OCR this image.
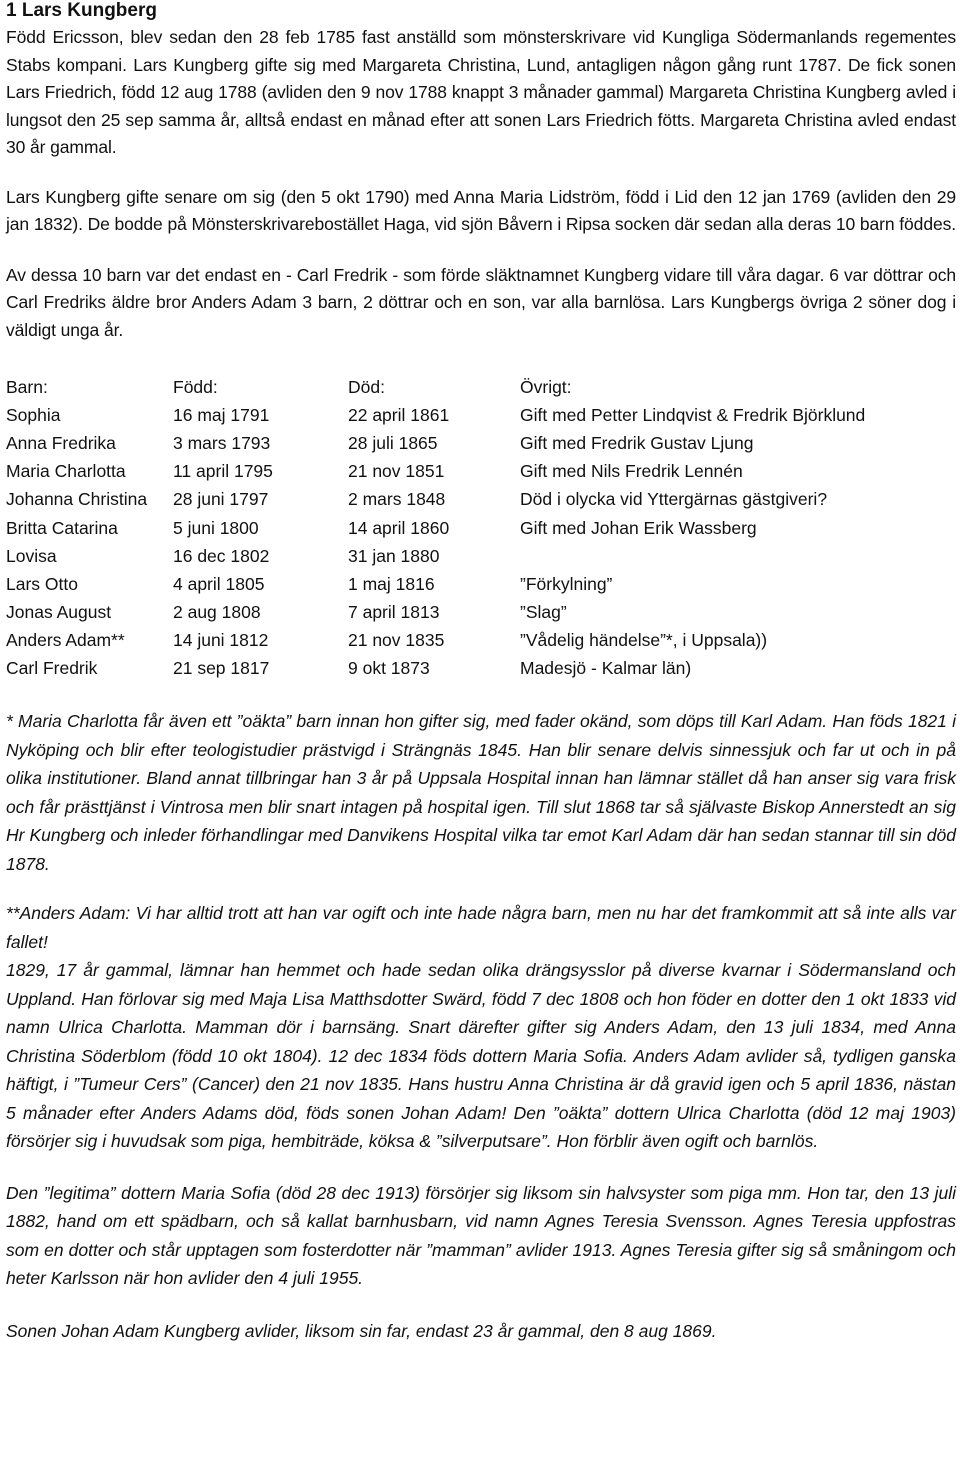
1 Lars Kungberg

Född Ericsson, blev sedan den 28 feb 1785 fast anställd som mönsterskrivare vid Kungliga Södermanlands regementes Stabs kompani. Lars Kungberg gifte sig med Margareta Christina, Lund, antagligen någon gång runt 1787. De fick sonen Lars Friedrich, född 12 aug 1788 (avliden den 9 nov 1788 knappt 3 månader gammal) Margareta Christina Kungberg avled i lungsot den 25 sep samma år, alltså endast en månad efter att sonen Lars Friedrich fötts. Margareta Christina avled endast 30 år gammal.

Lars Kungberg gifte senare om sig (den 5 okt 1790) med Anna Maria Lidström, född i Lid den 12 jan 1769 (avliden den 29 jan 1832). De bodde på Mönsterskrivarebostället Haga, vid sjön Båvern i Ripsa socken där sedan alla deras 10 barn föddes.

Av dessa 10 barn var det endast en - Carl Fredrik - som förde släktnamnet Kungberg vidare till våra dagar. 6 var döttrar och Carl Fredriks äldre bror Anders Adam 3 barn, 2 döttrar och en son, var alla barnlösa. Lars Kungbergs övriga 2 söner dog i väldigt unga år.

Barn:	Född:	Död:	Övrigt:
Sophia	16 maj 1791	22 april 1861	Gift med Petter Lindqvist & Fredrik Björklund
Anna Fredrika	3 mars 1793	28 juli 1865	Gift med Fredrik Gustav Ljung
Maria Charlotta	11 april 1795	21 nov 1851	Gift med Nils Fredrik Lennén
Johanna Christina	28 juni 1797	2 mars 1848	Död i olycka vid Yttergärnas gästgiveri?
Britta Catarina	5 juni 1800	14 april 1860	Gift med Johan Erik Wassberg
Lovisa	16 dec 1802	31 jan 1880	
Lars Otto	4 april 1805	1 maj 1816	”Förkylning”
Jonas August	2 aug 1808	7 april 1813	”Slag”
Anders Adam**	14 juni 1812	21 nov 1835	”Vådelig händelse”*, i Uppsala))
Carl Fredrik	21 sep 1817	9 okt 1873	Madesjö - Kalmar län)

* Maria Charlotta får även ett ”oäkta” barn innan hon gifter sig, med fader okänd, som döps till Karl Adam. Han föds 1821 i Nyköping och blir efter teologistudier prästvigd i Strängnäs 1845. Han blir senare delvis sinnessjuk och far ut och in på olika institutioner. Bland annat tillbringar han 3 år på Uppsala Hospital innan han lämnar stället då han anser sig vara frisk och får prästtjänst i Vintrosa men blir snart intagen på hospital igen. Till slut 1868 tar så självaste Biskop Annerstedt an sig Hr Kungberg och inleder förhandlingar med Danvikens Hospital vilka tar emot Karl Adam där han sedan stannar till sin död 1878.

**Anders Adam: Vi har alltid trott att han var ogift och inte hade några barn, men nu har det framkommit att så inte alls var fallet!

1829, 17 år gammal, lämnar han hemmet och hade sedan olika drängsysslor på diverse kvarnar i Södermansland och Uppland. Han förlovar sig med Maja Lisa Matthsdotter Swärd, född 7 dec 1808 och hon föder en dotter den 1 okt 1833 vid namn Ulrica Charlotta. Mamman dör i barnsäng. Snart därefter gifter sig Anders Adam, den 13 juli 1834, med Anna Christina Söderblom (född 10 okt 1804). 12 dec 1834 föds dottern Maria Sofia. Anders Adam avlider så, tydligen ganska häftigt, i ”Tumeur Cers” (Cancer) den 21 nov 1835. Hans hustru Anna Christina är då gravid igen och 5 april 1836, nästan 5 månader efter Anders Adams död, föds sonen Johan Adam! Den ”oäkta” dottern Ulrica Charlotta (död 12 maj 1903) försörjer sig i huvudsak som piga, hembiträde, köksa & ”silverputsare”. Hon förblir även ogift och barnlös.

Den ”legitima” dottern Maria Sofia (död 28 dec 1913) försörjer sig liksom sin halvsyster som piga mm. Hon tar, den 13 juli 1882, hand om ett spädbarn, och så kallat barnhusbarn, vid namn Agnes Teresia Svensson. Agnes Teresia uppfostras som en dotter och står upptagen som fosterdotter när ”mamman” avlider 1913. Agnes Teresia gifter sig så småningom och heter Karlsson när hon avlider den 4 juli 1955.

Sonen Johan Adam Kungberg avlider, liksom sin far, endast 23 år gammal, den 8 aug 1869.
